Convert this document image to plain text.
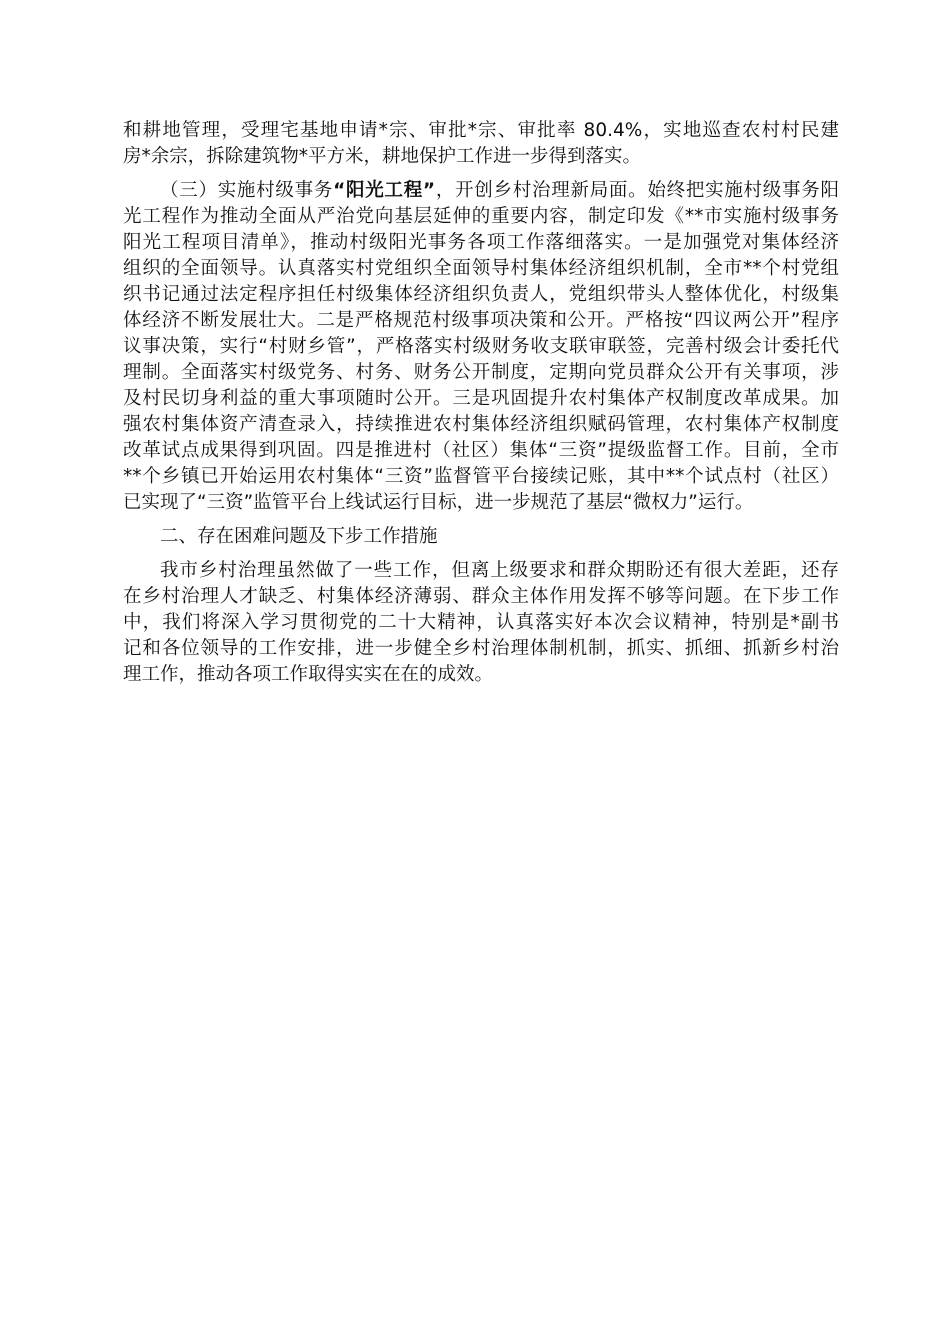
和耕地管理，受理宅基地申请*宗、审批*宗、审批率 80.4%，实地巡查农村村民建
房*余宗，拆除建筑物*平方米，耕地保护工作进一步得到落实。
（三）实施村级事务“阳光工程”，开创乡村治理新局面。始终把实施村级事务阳
光工程作为推动全面从严治党向基层延伸的重要内容，制定印发《**市实施村级事务
阳光工程项目清单》，推动村级阳光事务各项工作落细落实。一是加强党对集体经济
组织的全面领导。认真落实村党组织全面领导村集体经济组织机制，全市**个村党组
织书记通过法定程序担任村级集体经济组织负责人，党组织带头人整体优化，村级集
体经济不断发展壮大。二是严格规范村级事项决策和公开。严格按“四议两公开”程序
议事决策，实行“村财乡管”，严格落实村级财务收支联审联签，完善村级会计委托代
理制。全面落实村级党务、村务、财务公开制度，定期向党员群众公开有关事项，涉
及村民切身利益的重大事项随时公开。三是巩固提升农村集体产权制度改革成果。加
强农村集体资产清查录入，持续推进农村集体经济组织赋码管理，农村集体产权制度
改革试点成果得到巩固。四是推进村（社区）集体“三资”提级监督工作。目前，全市
**个乡镇已开始运用农村集体“三资”监督管平台接续记账，其中**个试点村（社区）
已实现了“三资”监管平台上线试运行目标，进一步规范了基层“微权力”运行。
二、存在困难问题及下步工作措施
我市乡村治理虽然做了一些工作，但离上级要求和群众期盼还有很大差距，还存
在乡村治理人才缺乏、村集体经济薄弱、群众主体作用发挥不够等问题。在下步工作
中，我们将深入学习贯彻党的二十大精神，认真落实好本次会议精神，特别是*副书
记和各位领导的工作安排，进一步健全乡村治理体制机制，抓实、抓细、抓新乡村治
理工作，推动各项工作取得实实在在的成效。
